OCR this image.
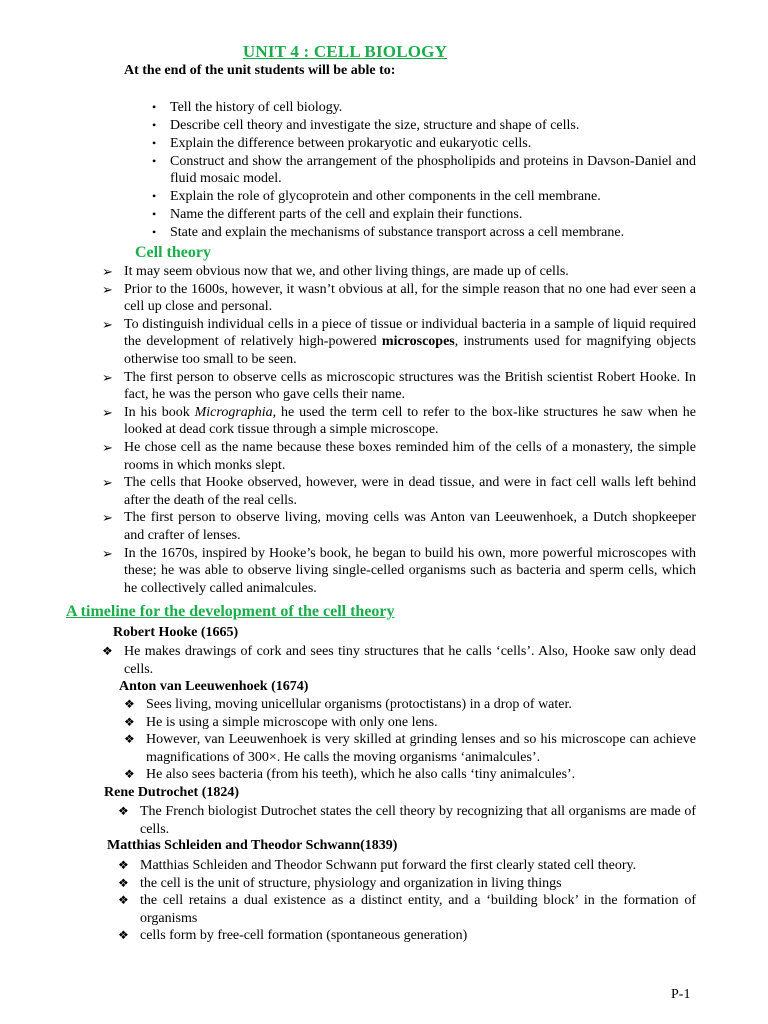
UNIT 4 : CELL BIOLOGY
At the end of the unit students will be able to:
• Tell the history of cell biology.
• Describe cell theory and investigate the size, structure and shape of cells.
• Explain the difference between prokaryotic and eukaryotic cells.
• Construct and show the arrangement of the phospholipids and proteins in Davson-Daniel and fluid mosaic model.
• Explain the role of glycoprotein and other components in the cell membrane.
• Name the different parts of the cell and explain their functions.
• State and explain the mechanisms of substance transport across a cell membrane.
Cell theory
➢ It may seem obvious now that we, and other living things, are made up of cells.
➢ Prior to the 1600s, however, it wasn’t obvious at all, for the simple reason that no one had ever seen a cell up close and personal.
➢ To distinguish individual cells in a piece of tissue or individual bacteria in a sample of liquid required the development of relatively high-powered microscopes, instruments used for magnifying objects otherwise too small to be seen.
➢ The first person to observe cells as microscopic structures was the British scientist Robert Hooke. In fact, he was the person who gave cells their name.
➢ In his book Micrographia, he used the term cell to refer to the box-like structures he saw when he looked at dead cork tissue through a simple microscope.
➢ He chose cell as the name because these boxes reminded him of the cells of a monastery, the simple rooms in which monks slept.
➢ The cells that Hooke observed, however, were in dead tissue, and were in fact cell walls left behind after the death of the real cells.
➢ The first person to observe living, moving cells was Anton van Leeuwenhoek, a Dutch shopkeeper and crafter of lenses.
➢ In the 1670s, inspired by Hooke’s book, he began to build his own, more powerful microscopes with these; he was able to observe living single-celled organisms such as bacteria and sperm cells, which he collectively called animalcules.
A timeline for the development of the cell theory
Robert Hooke (1665)
❖ He makes drawings of cork and sees tiny structures that he calls ‘cells’. Also, Hooke saw only dead cells.
Anton van Leeuwenhoek (1674)
❖ Sees living, moving unicellular organisms (protoctistans) in a drop of water.
❖ He is using a simple microscope with only one lens.
❖ However, van Leeuwenhoek is very skilled at grinding lenses and so his microscope can achieve magnifications of 300×. He calls the moving organisms ‘animalcules’.
❖ He also sees bacteria (from his teeth), which he also calls ‘tiny animalcules’.
Rene Dutrochet (1824)
❖ The French biologist Dutrochet states the cell theory by recognizing that all organisms are made of cells.
Matthias Schleiden and Theodor Schwann(1839)
❖ Matthias Schleiden and Theodor Schwann put forward the first clearly stated cell theory.
❖ the cell is the unit of structure, physiology and organization in living things
❖ the cell retains a dual existence as a distinct entity, and a ‘building block’ in the formation of organisms
❖ cells form by free-cell formation (spontaneous generation)
P-1
